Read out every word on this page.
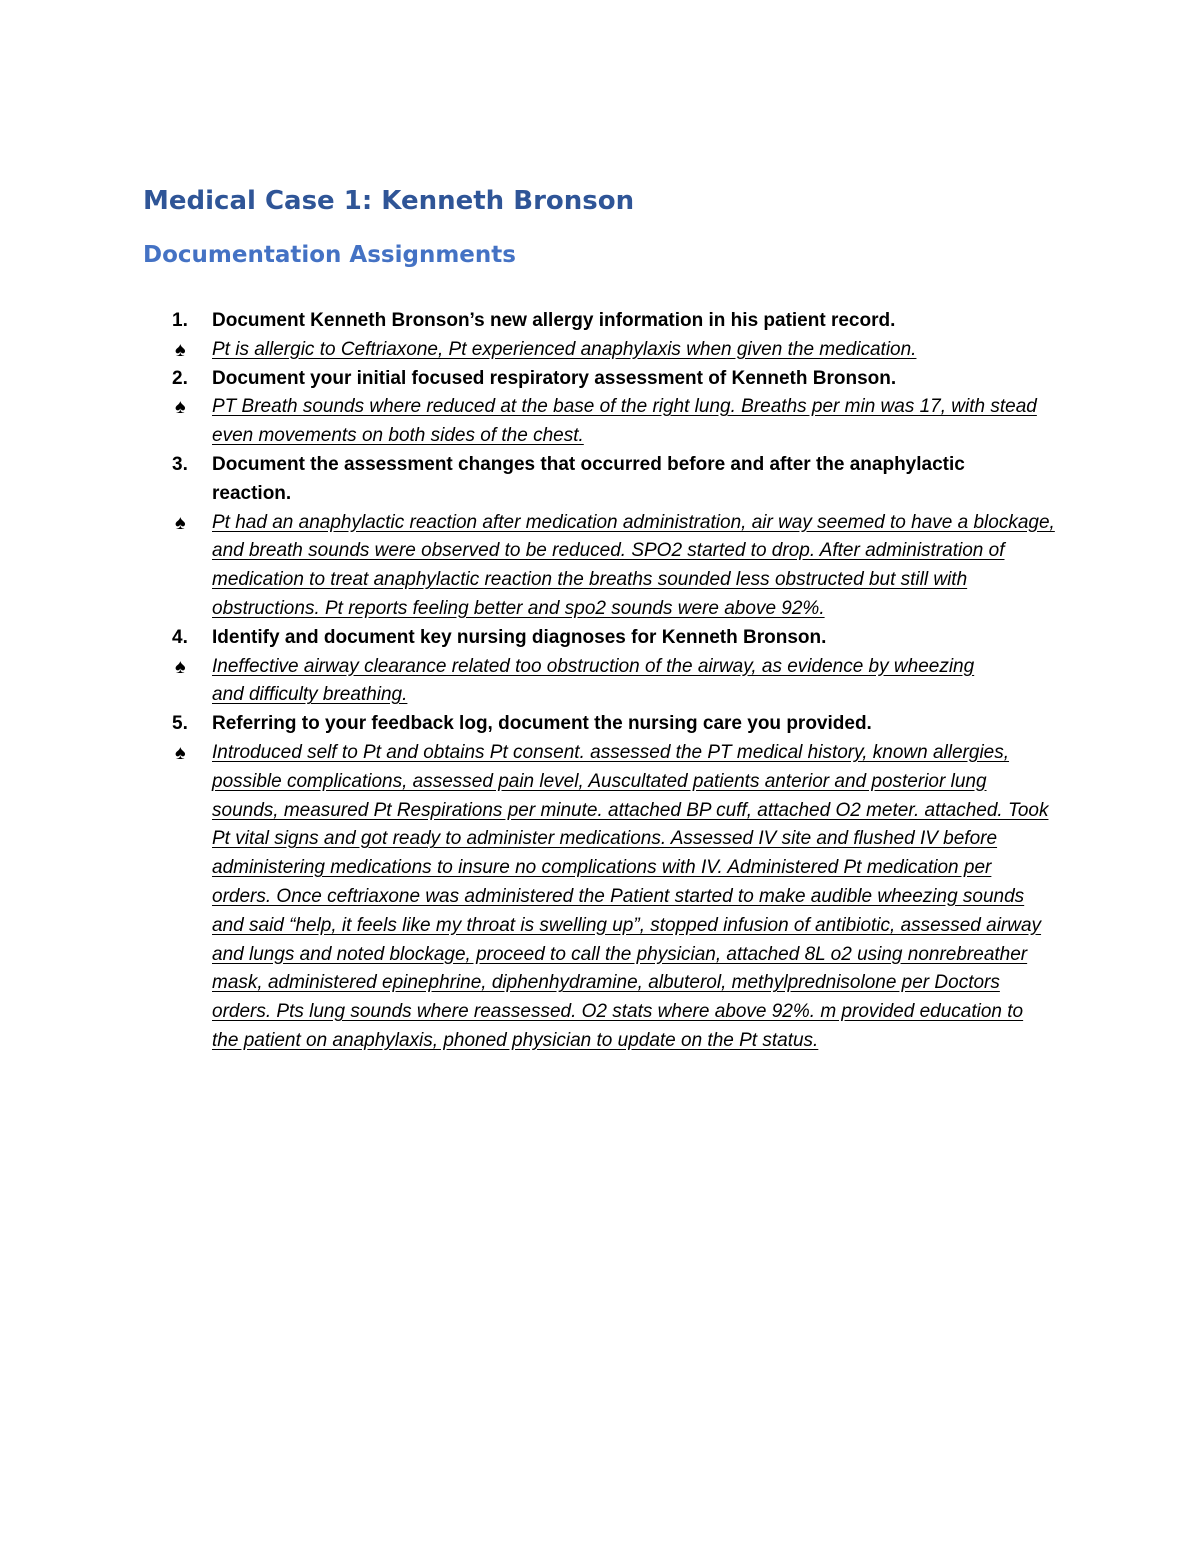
Medical Case 1: Kenneth Bronson
Documentation Assignments
1.	Document Kenneth Bronson’s new allergy information in his patient record.
♠	Pt is allergic to Ceftriaxone, Pt experienced anaphylaxis when given the medication.
2.	Document your initial focused respiratory assessment of Kenneth Bronson.
♠	PT Breath sounds where reduced at the base of the right lung. Breaths per min was 17, with stead even movements on both sides of the chest.
3.	Document the assessment changes that occurred before and after the anaphylactic reaction.
♠	Pt had an anaphylactic reaction after medication administration, air way seemed to have a blockage, and breath sounds were observed to be reduced. SPO2 started to drop. After administration of medication to treat anaphylactic reaction the breaths sounded less obstructed but still with obstructions. Pt reports feeling better and spo2 sounds were above 92%.
4.	Identify and document key nursing diagnoses for Kenneth Bronson.
♠	Ineffective airway clearance related too obstruction of the airway, as evidence by wheezing and difficulty breathing.
5.	Referring to your feedback log, document the nursing care you provided.
♠	Introduced self to Pt and obtains Pt consent. assessed the PT medical history, known allergies, possible complications, assessed pain level, Auscultated patients anterior and posterior lung sounds, measured Pt Respirations per minute. attached BP cuff, attached O2 meter. attached. Took Pt vital signs and got ready to administer medications. Assessed IV site and flushed IV before administering medications to insure no complications with IV. Administered Pt medication per orders. Once ceftriaxone was administered the Patient started to make audible wheezing sounds and said “help, it feels like my throat is swelling up”, stopped infusion of antibiotic, assessed airway and lungs and noted blockage, proceed to call the physician, attached 8L o2 using nonrebreather mask, administered epinephrine, diphenhydramine, albuterol, methylprednisolone per Doctors orders. Pts lung sounds where reassessed. O2 stats where above 92%. m provided education to the patient on anaphylaxis, phoned physician to update on the Pt status.
